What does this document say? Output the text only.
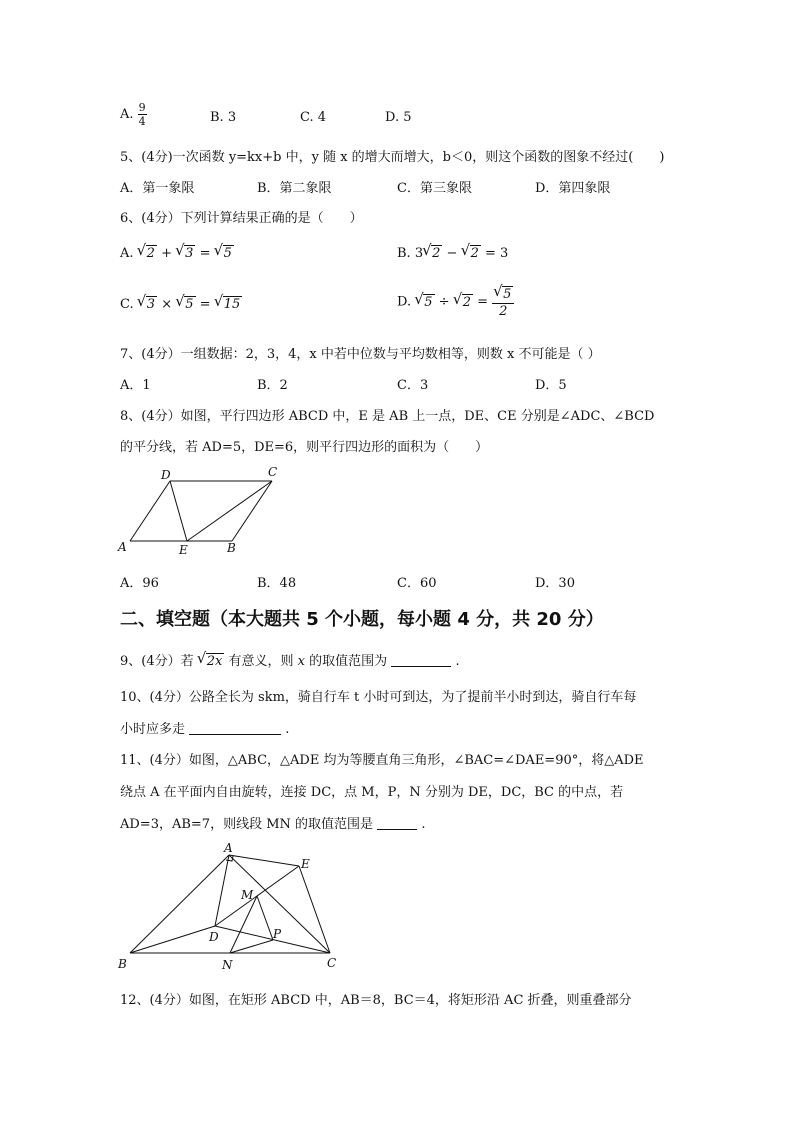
A. $\frac{9}{4}$	B. 3	C. 4	D. 5
5、(4分)一次函数 y=kx+b 中，y 随 x 的增大而增大，b＜0，则这个函数的图象不经过(　　)
A．第一象限	B．第二象限	C．第三象限	D．第四象限
6、(4分）下列计算结果正确的是（　　）
A. √ 2 + √ 3 = √ 5	B. 3 √ 2 − √ 2 = 3
C. √ 3 × √ 5 = √ 15	D. √ 5 ÷ √ 2 = √ $\frac{5}{2}$
7、(4分）一组数据：2，3，4，x 中若中位数与平均数相等，则数 x 不可能是（ ）
A．1	B．2	C．3	D．5
8、(4分）如图，平行四边形 ABCD 中，E 是 AB 上一点，DE、CE 分别是∠ADC、∠BCD
的平分线，若 AD=5，DE=6，则平行四边形的面积为（　　）
A	B
C
D
E
A．96	B．48	C．60	D．30
二、填空题（本大题共 5 个小题，每小题 4 分，共 20 分）
9、(4分）若 √ 2x 有意义，则 x 的取值范围为	.
10、(4分）公路全长为 skm，骑自行车 t 小时可到达，为了提前半小时到达，骑自行车每
小时应多走	.
11、(4分）如图，△ABC，△ADE 均为等腰直角三角形，∠BAC=∠DAE=90°，将△ADE
绕点 A 在平面内自由旋转，连接 DC，点 M，P，N 分别为 DE，DC，BC 的中点，若
AD=3，AB=7，则线段 MN 的取值范围是	.
A
B	C
D
E
M
N
P
12、(4分）如图，在矩形 ABCD 中，AB＝8，BC＝4，将矩形沿 AC 折叠，则重叠部分
